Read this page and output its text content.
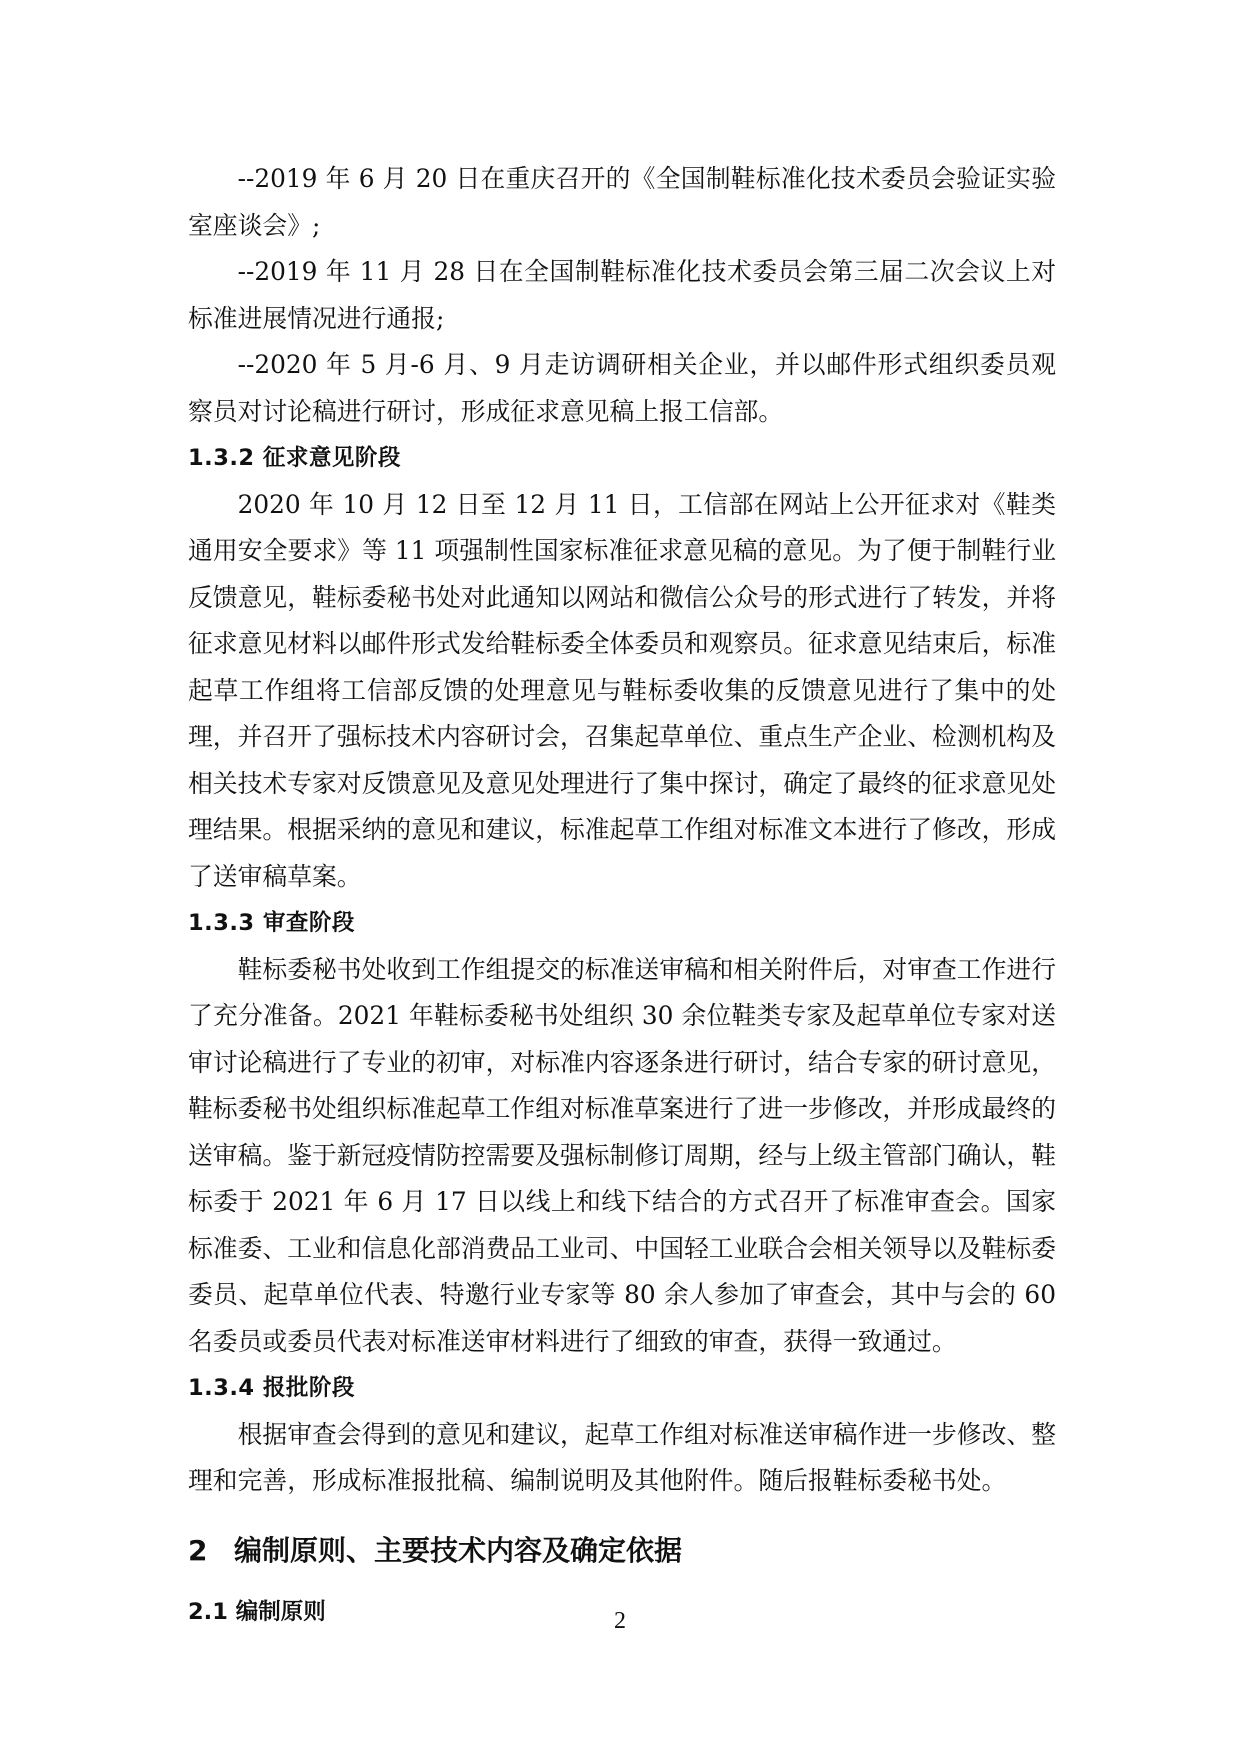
--2019 年 6 月 20 日在重庆召开的《全国制鞋标准化技术委员会验证实验室座谈会》;

--2019 年 11 月 28 日在全国制鞋标准化技术委员会第三届二次会议上对标准进展情况进行通报;

--2020 年 5 月-6 月、9 月走访调研相关企业，并以邮件形式组织委员观察员对讨论稿进行研讨，形成征求意见稿上报工信部。

1.3.2 征求意见阶段

2020 年 10 月 12 日至 12 月 11 日，工信部在网站上公开征求对《鞋类通用安全要求》等 11 项强制性国家标准征求意见稿的意见。为了便于制鞋行业反馈意见，鞋标委秘书处对此通知以网站和微信公众号的形式进行了转发，并将征求意见材料以邮件形式发给鞋标委全体委员和观察员。征求意见结束后，标准起草工作组将工信部反馈的处理意见与鞋标委收集的反馈意见进行了集中的处理，并召开了强标技术内容研讨会，召集起草单位、重点生产企业、检测机构及相关技术专家对反馈意见及意见处理进行了集中探讨，确定了最终的征求意见处理结果。根据采纳的意见和建议，标准起草工作组对标准文本进行了修改，形成了送审稿草案。

1.3.3 审查阶段

鞋标委秘书处收到工作组提交的标准送审稿和相关附件后，对审查工作进行了充分准备。2021 年鞋标委秘书处组织 30 余位鞋类专家及起草单位专家对送审讨论稿进行了专业的初审，对标准内容逐条进行研讨，结合专家的研讨意见，鞋标委秘书处组织标准起草工作组对标准草案进行了进一步修改，并形成最终的送审稿。鉴于新冠疫情防控需要及强标制修订周期，经与上级主管部门确认，鞋标委于 2021 年 6 月 17 日以线上和线下结合的方式召开了标准审查会。国家标准委、工业和信息化部消费品工业司、中国轻工业联合会相关领导以及鞋标委委员、起草单位代表、特邀行业专家等 80 余人参加了审查会，其中与会的 60 名委员或委员代表对标准送审材料进行了细致的审查，获得一致通过。

1.3.4 报批阶段

根据审查会得到的意见和建议，起草工作组对标准送审稿作进一步修改、整理和完善，形成标准报批稿、编制说明及其他附件。随后报鞋标委秘书处。

2 编制原则、主要技术内容及确定依据
2.1 编制原则	2
